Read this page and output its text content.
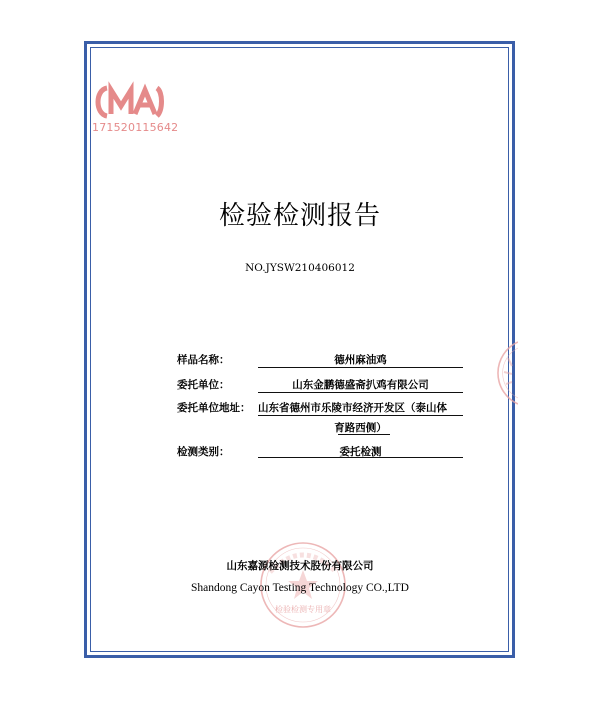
171520115642
检验检测报告
NO.JYSW210406012
样品名称：	德州麻油鸡
委托单位：	山东金鹏德盛斋扒鸡有限公司
委托单位地址： 山东省德州市乐陵市经济开发区（泰山体
育路西侧）
检测类别：	委托检测
检验检测专用章
山东嘉源检测技术股份有限公司
Shandong Cayon Testing Technology CO.,LTD
